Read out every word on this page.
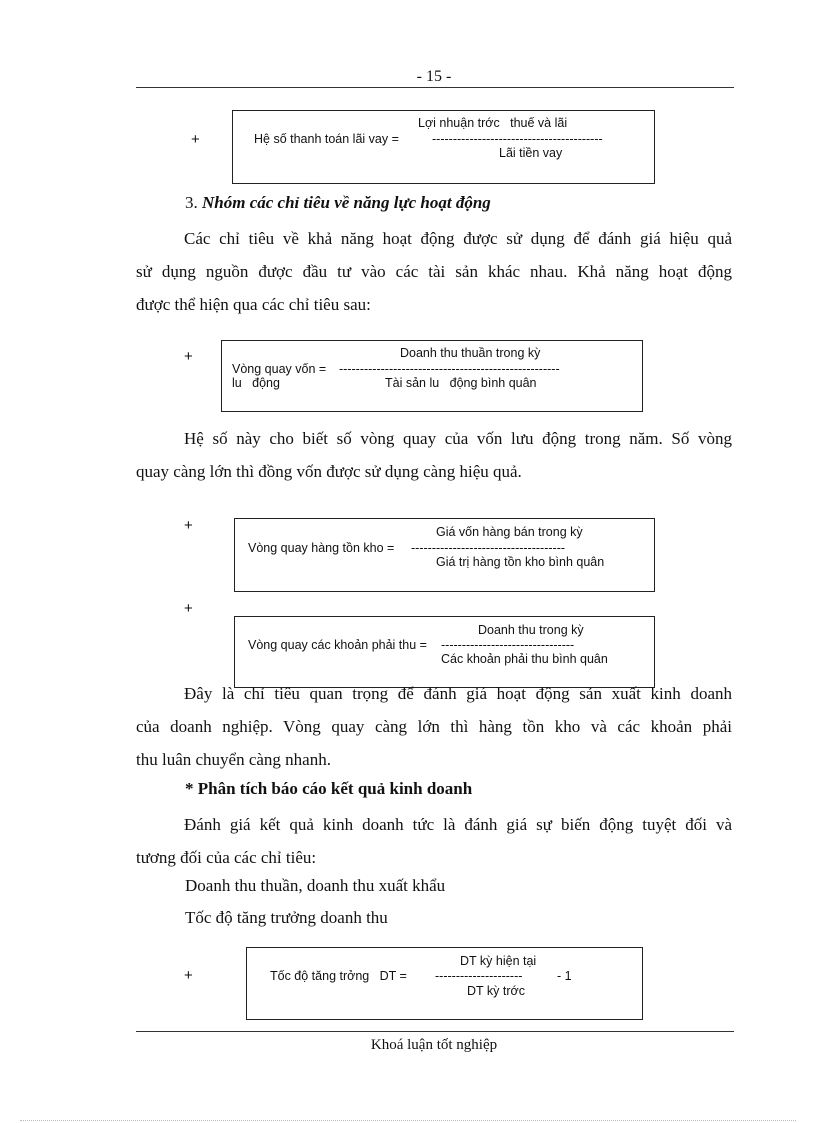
- 15 -
+
Lợi nhuận trớc   thuế và lãi
Hệ số thanh toán lãi vay =	-----------------------------------------
Lãi tiền vay
3. Nhóm các chỉ tiêu về năng lực hoạt động
Các chỉ tiêu về khả năng hoạt động được sử dụng để đánh giá hiệu quả
sử dụng nguồn được đầu tư vào các tài sản khác nhau. Khả năng hoạt động
được thể hiện qua các chỉ tiêu sau:
+	Doanh thu thuần trong kỳ
Vòng quay vốn = -----------------------------------------------------
lu   động	Tài sản lu   động bình quân
Hệ số này cho biết số vòng quay của vốn lưu động trong năm. Số vòng
quay càng lớn thì đồng vốn được sử dụng càng hiệu quả.
+	Giá vốn hàng bán trong kỳ
Vòng quay hàng tồn kho = -------------------------------------
Giá trị hàng tồn kho bình quân
+
Doanh thu trong kỳ
Vòng quay các khoản phải thu = --------------------------------
Các khoản phải thu bình quân
Đây là chỉ tiêu quan trọng để đánh giá hoạt động sản xuất kinh doanh
của doanh nghiệp. Vòng quay càng lớn thì hàng tồn kho và các khoản phải
thu luân chuyển càng nhanh.
* Phân tích báo cáo kết quả kinh doanh
Đánh giá kết quả kinh doanh tức là đánh giá sự biến động tuyệt đối và
tương đối của các chỉ tiêu:
Doanh thu thuần, doanh thu xuất khẩu
Tốc độ tăng trưởng doanh thu
+
DT kỳ hiện tại
Tốc độ tăng trởng   DT = ---------------------	- 1
DT kỳ trớc
Khoá luận tốt nghiệp
